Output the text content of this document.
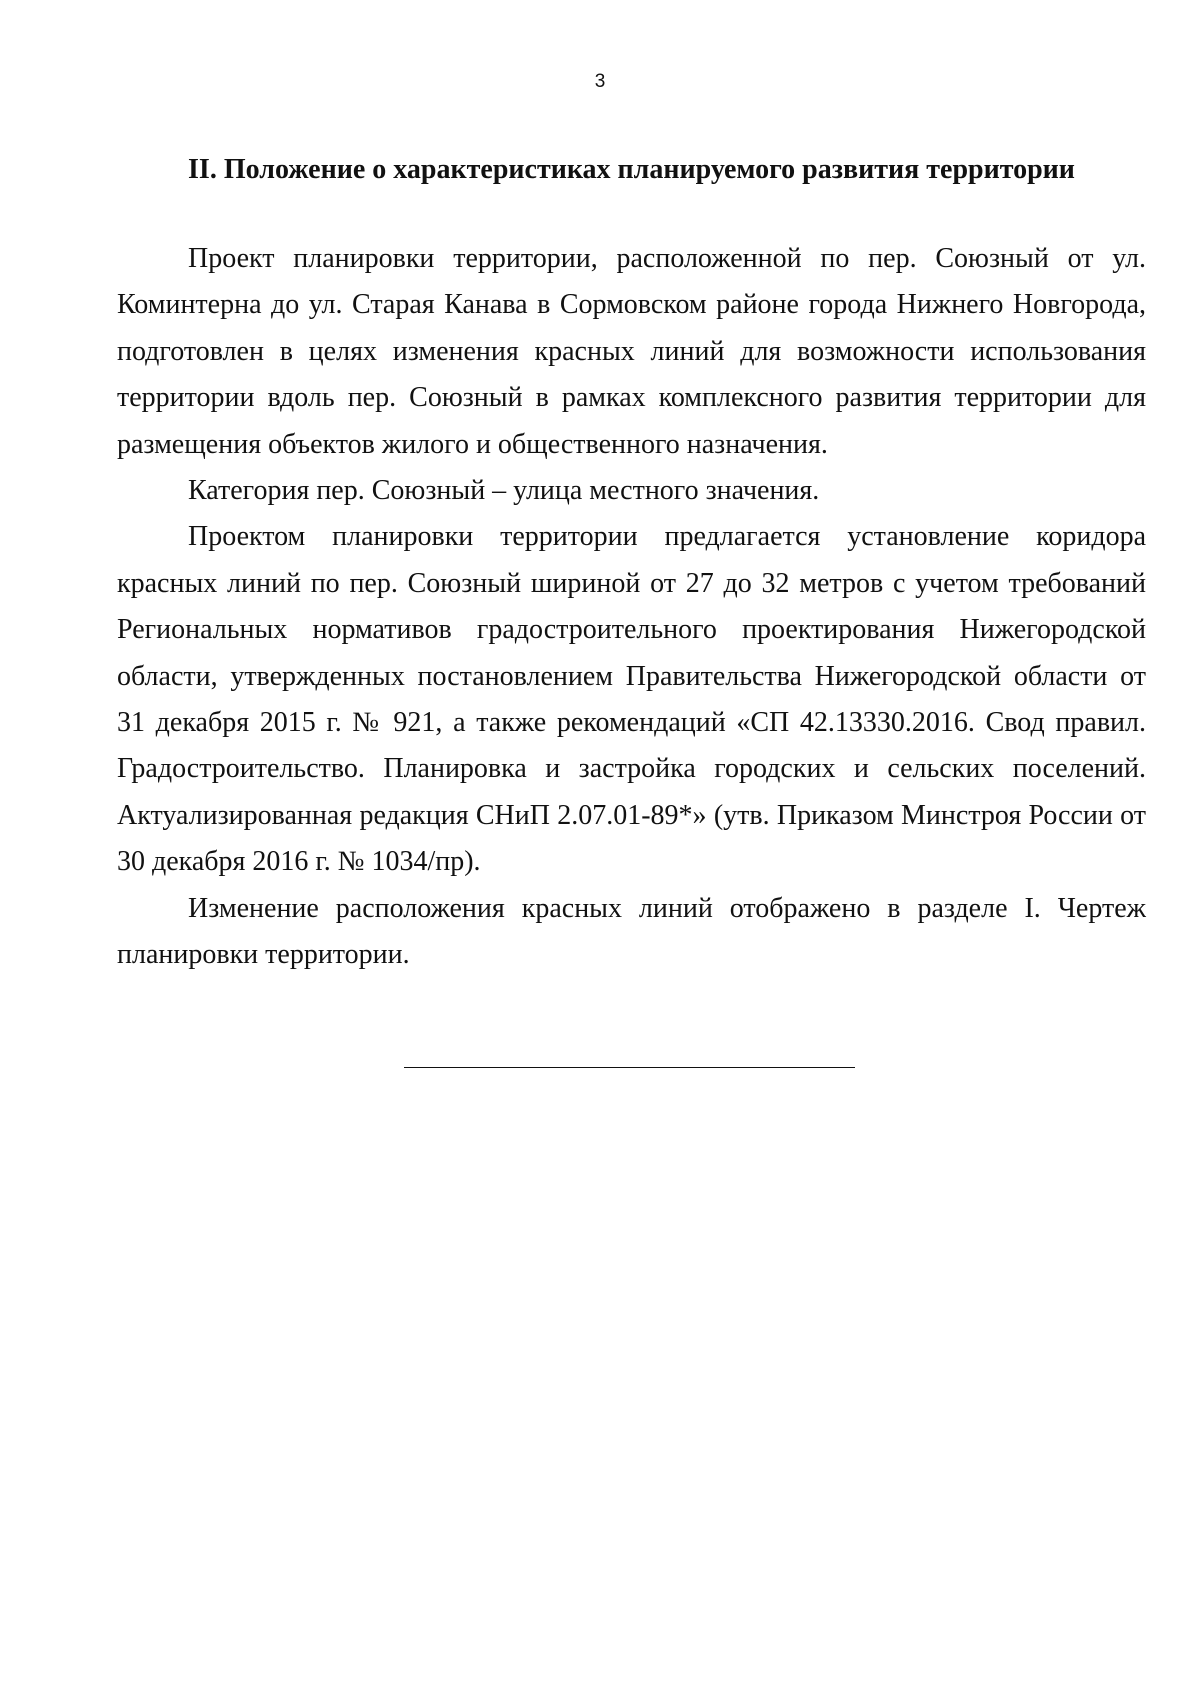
3
II. Положение о характеристиках планируемого развития территории

Проект планировки территории, расположенной по пер. Союзный от ул. Коминтерна до ул. Старая Канава в Сормовском районе города Нижнего Новгорода, подготовлен в целях изменения красных линий для возможности использования территории вдоль пер. Союзный в рамках комплексного развития территории для размещения объектов жилого и общественного назначения.

Категория пер. Союзный – улица местного значения.

Проектом планировки территории предлагается установление коридора красных линий по пер. Союзный шириной от 27 до 32 метров с учетом требований Региональных нормативов градостроительного проектирования Нижегородской области, утвержденных постановлением Правительства Нижегородской области от 31 декабря 2015 г. № 921, а также рекомендаций «СП 42.13330.2016. Свод правил. Градостроительство. Планировка и застройка городских и сельских поселений. Актуализированная редакция СНиП 2.07.01-89*» (утв. Приказом Минстроя России от 30 декабря 2016 г. № 1034/пр).

Изменение расположения красных линий отображено в разделе I. Чертеж планировки территории.
